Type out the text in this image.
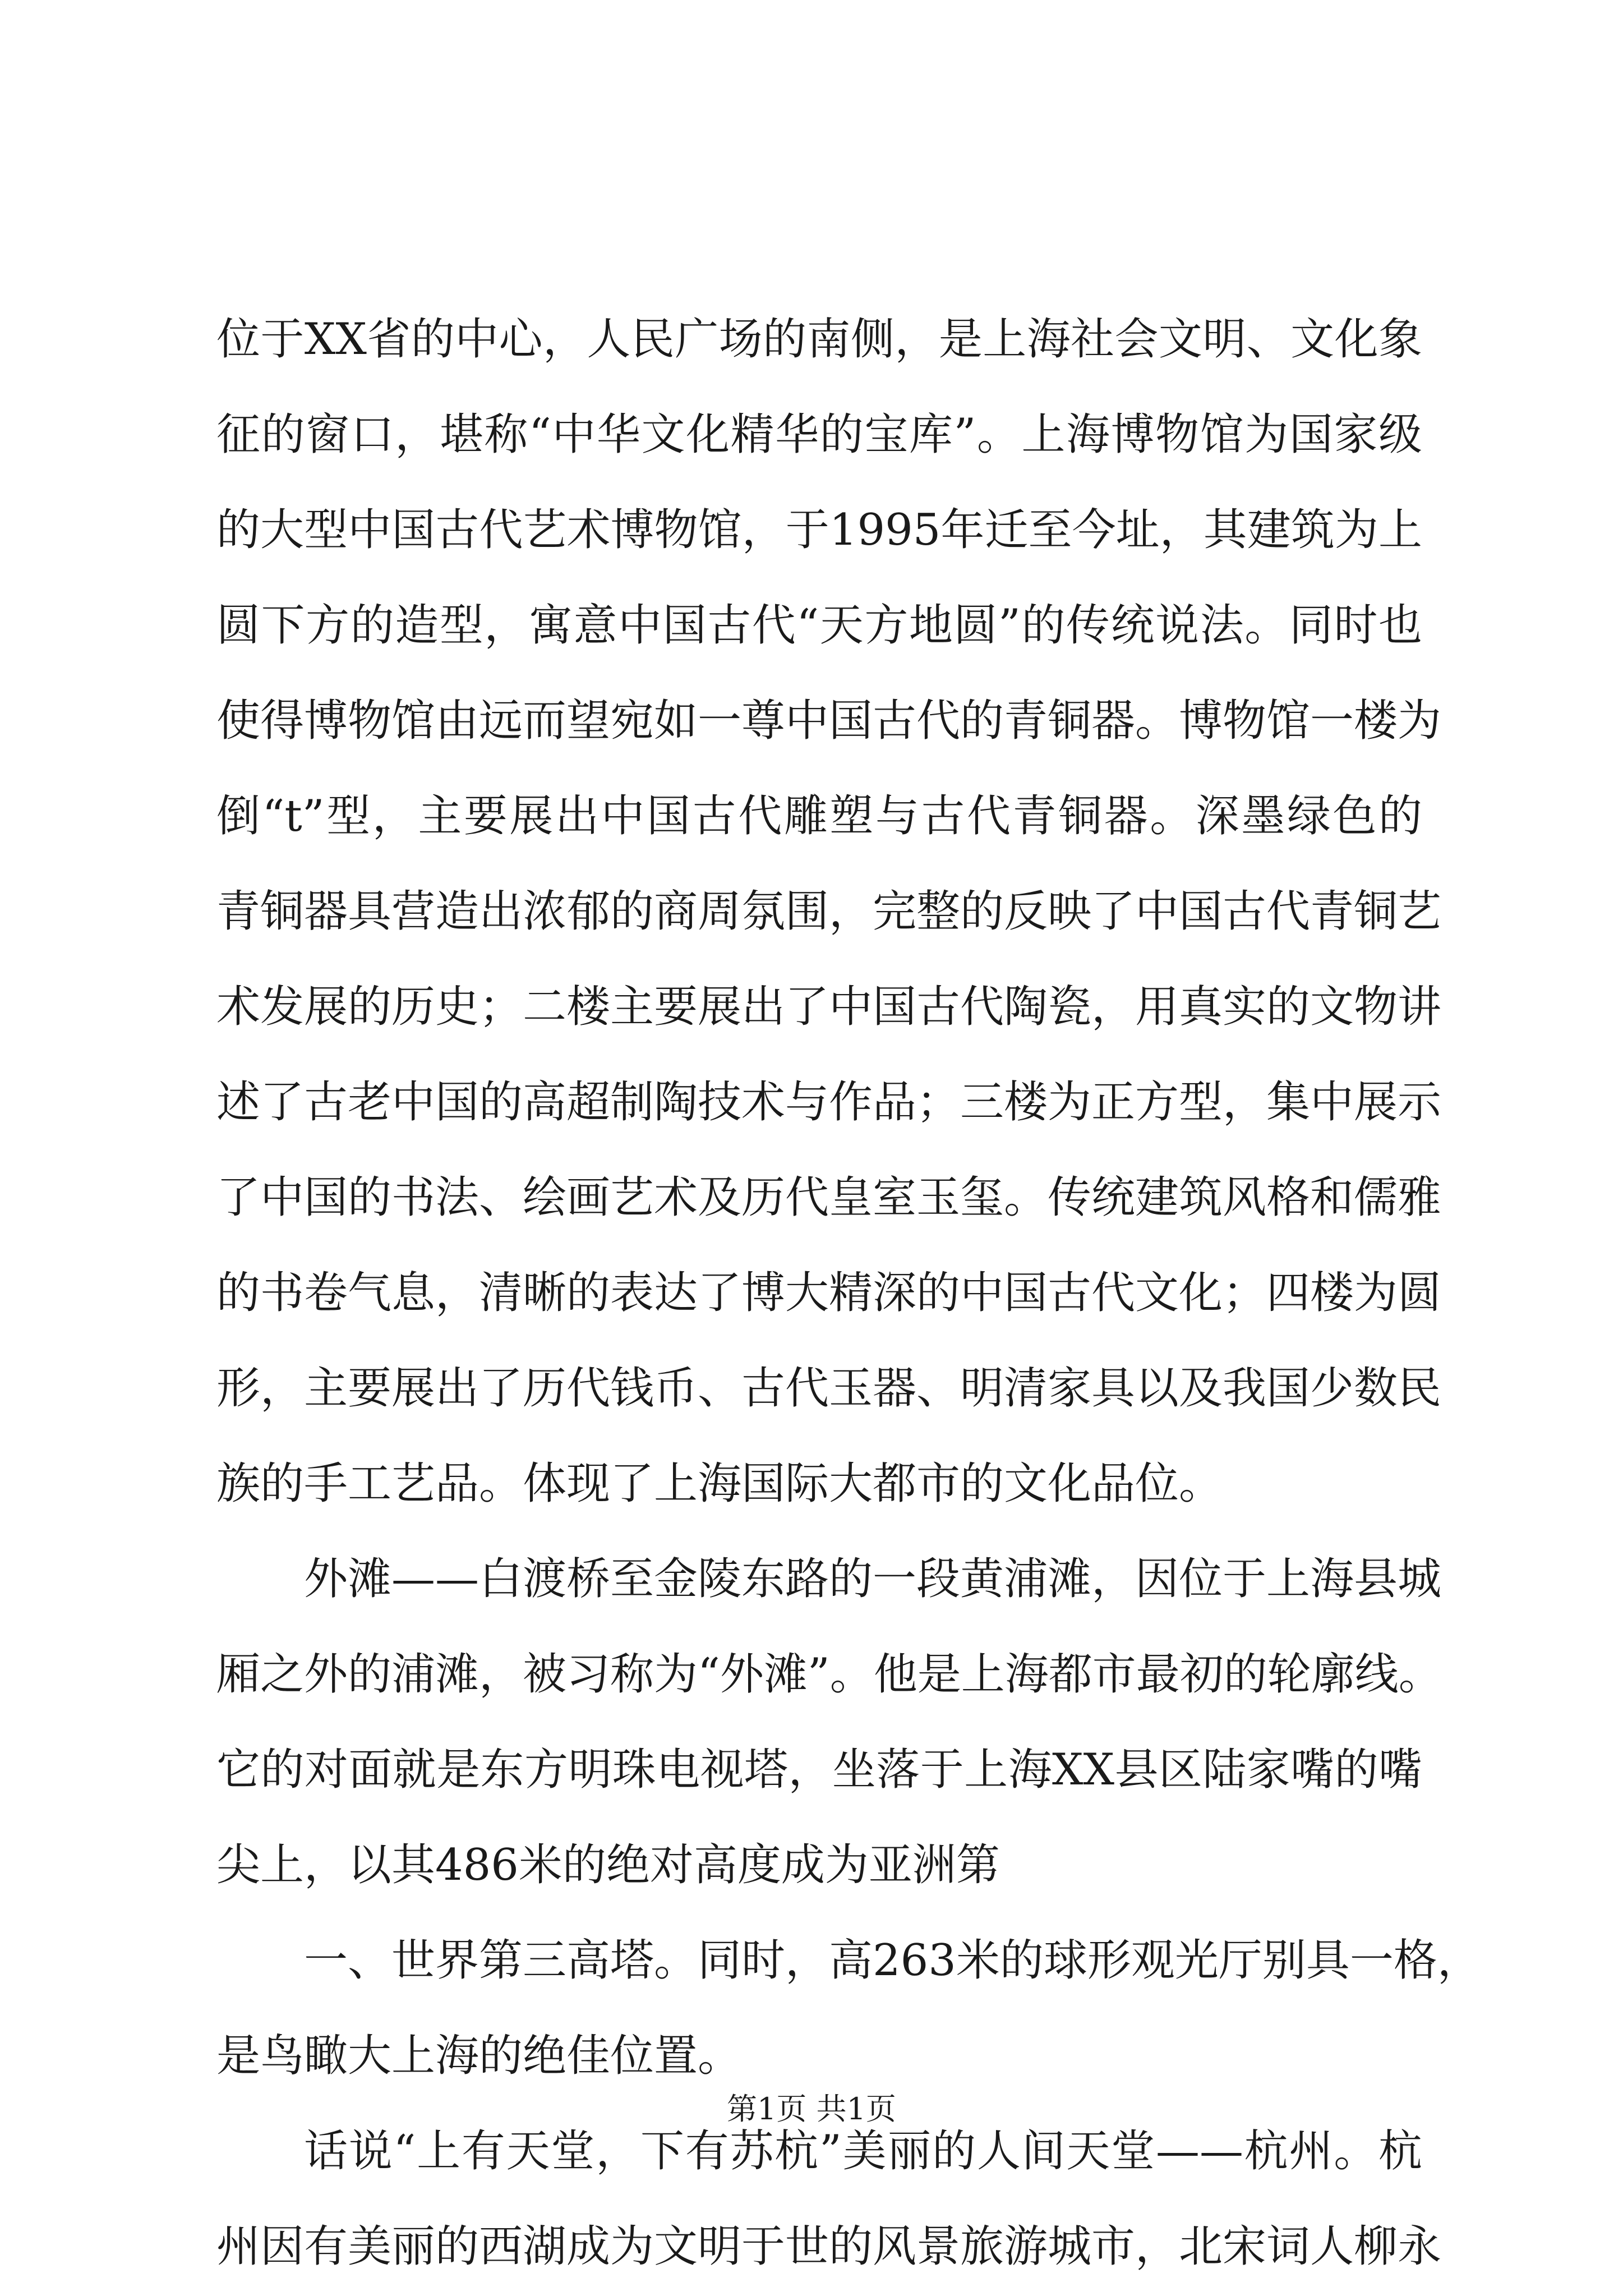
位于XX省的中心，人民广场的南侧，是上海社会文明、文化象
征的窗口，堪称“中华文化精华的宝库”。上海博物馆为国家级
的大型中国古代艺术博物馆，于1995年迁至今址，其建筑为上
圆下方的造型，寓意中国古代“天方地圆”的传统说法。同时也
使得博物馆由远而望宛如一尊中国古代的青铜器。博物馆一楼为
倒“t”型，主要展出中国古代雕塑与古代青铜器。深墨绿色的
青铜器具营造出浓郁的商周氛围，完整的反映了中国古代青铜艺
术发展的历史；二楼主要展出了中国古代陶瓷，用真实的文物讲
述了古老中国的高超制陶技术与作品；三楼为正方型，集中展示
了中国的书法、绘画艺术及历代皇室玉玺。传统建筑风格和儒雅
的书卷气息，清晰的表达了博大精深的中国古代文化；四楼为圆
形，主要展出了历代钱币、古代玉器、明清家具以及我国少数民
族的手工艺品。体现了上海国际大都市的文化品位。
外滩——白渡桥至金陵东路的一段黄浦滩，因位于上海县城
厢之外的浦滩，被习称为“外滩”。他是上海都市最初的轮廓线。
它的对面就是东方明珠电视塔，坐落于上海XX县区陆家嘴的嘴
尖上，以其486米的绝对高度成为亚洲第
一、世界第三高塔。同时，高263米的球形观光厅别具一格，
是鸟瞰大上海的绝佳位置。
话说“上有天堂，下有苏杭”美丽的人间天堂——杭州。杭
州因有美丽的西湖成为文明于世的风景旅游城市，北宋词人柳永
第1页 共1页
